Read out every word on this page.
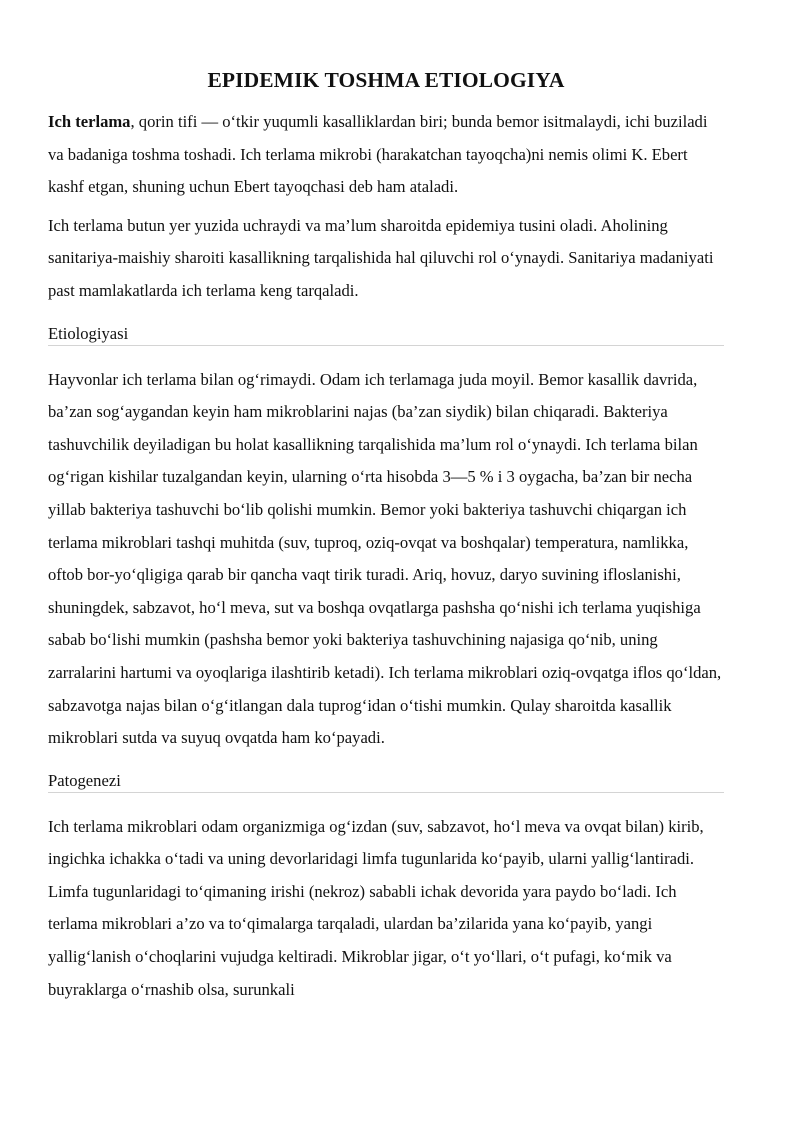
EPIDEMIK TOSHMA ETIOLOGIYA

Ich terlama, qorin tifi — o‘tkir yuqumli kasalliklardan biri; bunda bemor isitmalaydi, ichi buziladi va badaniga toshma toshadi. Ich terlama mikrobi (harakatchan tayoqcha)ni nemis olimi K. Ebert kashf etgan, shuning uchun Ebert tayoqchasi deb ham ataladi.

Ich terlama butun yer yuzida uchraydi va ma’lum sharoitda epidemiya tusini oladi. Aholining sanitariya-maishiy sharoiti kasallikning tarqalishida hal qiluvchi rol o‘ynaydi. Sanitariya madaniyati past mamlakatlarda ich terlama keng tarqaladi.

Etiologiyasi

Hayvonlar ich terlama bilan og‘rimaydi. Odam ich terlamaga juda moyil. Bemor kasallik davrida, ba’zan sog‘aygandan keyin ham mikroblarini najas (ba’zan siydik) bilan chiqaradi. Bakteriya tashuvchilik deyiladigan bu holat kasallikning tarqalishida ma’lum rol o‘ynaydi. Ich terlama bilan og‘rigan kishilar tuzalgandan keyin, ularning o‘rta hisobda 3—5 % i 3 oygacha, ba’zan bir necha yillab bakteriya tashuvchi bo‘lib qolishi mumkin. Bemor yoki bakteriya tashuvchi chiqargan ich terlama mikroblari tashqi muhitda (suv, tuproq, oziq-ovqat va boshqalar) temperatura, namlikka, oftob bor-yo‘qligiga qarab bir qancha vaqt tirik turadi. Ariq, hovuz, daryo suvining ifloslanishi, shuningdek, sabzavot, ho‘l meva, sut va boshqa ovqatlarga pashsha qo‘nishi ich terlama yuqishiga sabab bo‘lishi mumkin (pashsha bemor yoki bakteriya tashuvchining najasiga qo‘nib, uning zarralarini hartumi va oyoqlariga ilashtirib ketadi). Ich terlama mikroblari oziq-ovqatga iflos qo‘ldan, sabzavotga najas bilan o‘g‘itlangan dala tuprog‘idan o‘tishi mumkin. Qulay sharoitda kasallik mikroblari sutda va suyuq ovqatda ham ko‘payadi.

Patogenezi

Ich terlama mikroblari odam organizmiga og‘izdan (suv, sabzavot, ho‘l meva va ovqat bilan) kirib, ingichka ichakka o‘tadi va uning devorlaridagi limfa tugunlarida ko‘payib, ularni yallig‘lantiradi. Limfa tugunlaridagi to‘qimaning irishi (nekroz) sababli ichak devorida yara paydo bo‘ladi. Ich terlama mikroblari a’zo va to‘qimalarga tarqaladi, ulardan ba’zilarida yana ko‘payib, yangi yallig‘lanish o‘choqlarini vujudga keltiradi. Mikroblar jigar, o‘t yo‘llari, o‘t pufagi, ko‘mik va buyraklarga o‘rnashib olsa, surunkali
